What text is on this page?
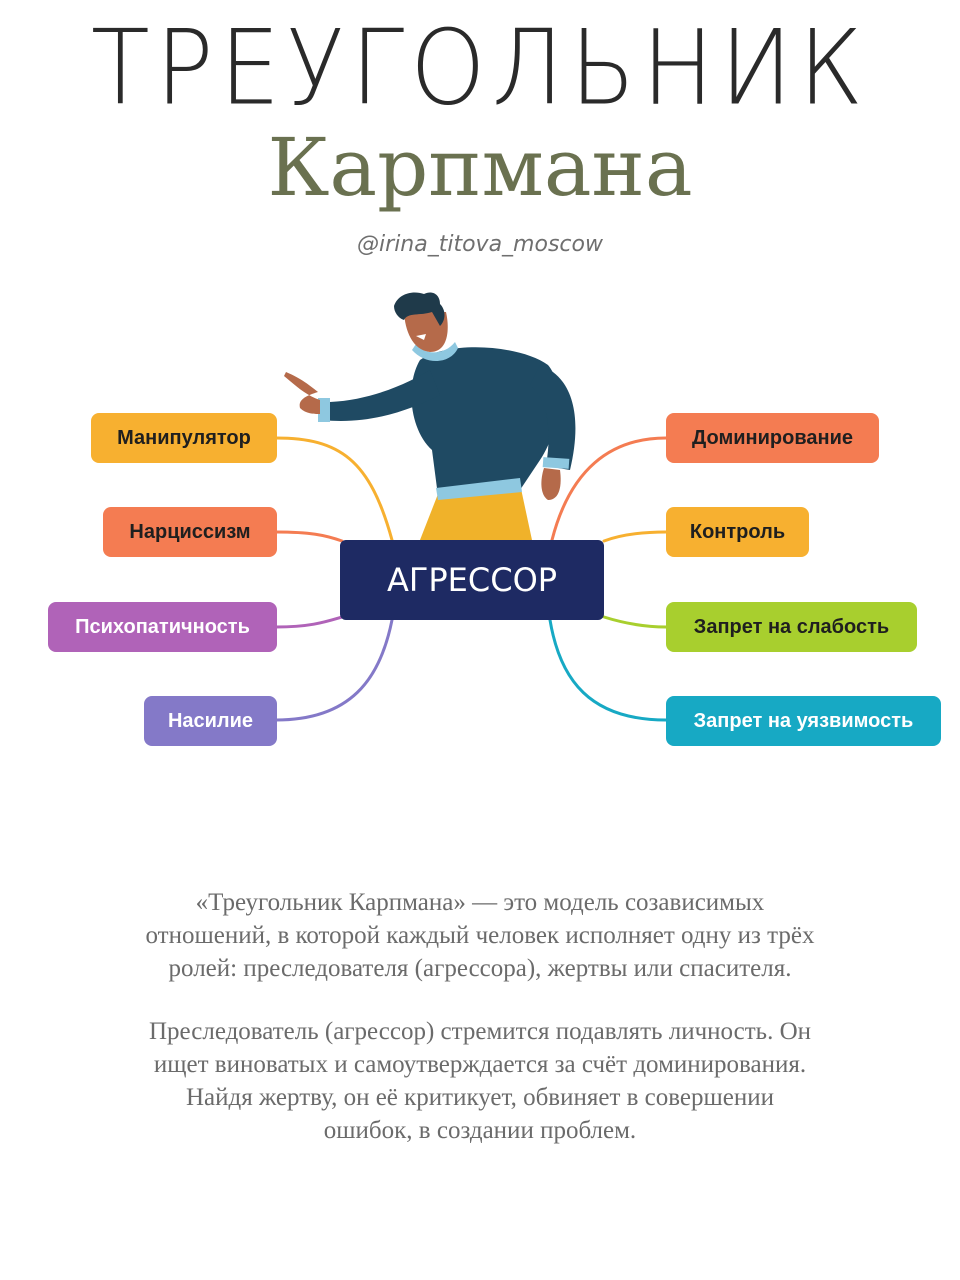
ТРЕУГОЛЬНИК
Карпмана
@irina_titova_moscow
Манипулятор
Нарциссизм
Психопатичность
Насилие
Доминирование
Контроль
Запрет на слабость
Запрет на уязвимость
АГРЕССОР

«Треугольник Карпмана» — это модель созависимых

отношений, в которой каждый человек исполняет одну из трёх

ролей: преследователя (агрессора), жертвы или спасителя.

Преследователь (агрессор) стремится подавлять личность. Он

ищет виноватых и самоутверждается за счёт доминирования.

Найдя жертву, он её критикует, обвиняет в совершении

ошибок, в создании проблем.
